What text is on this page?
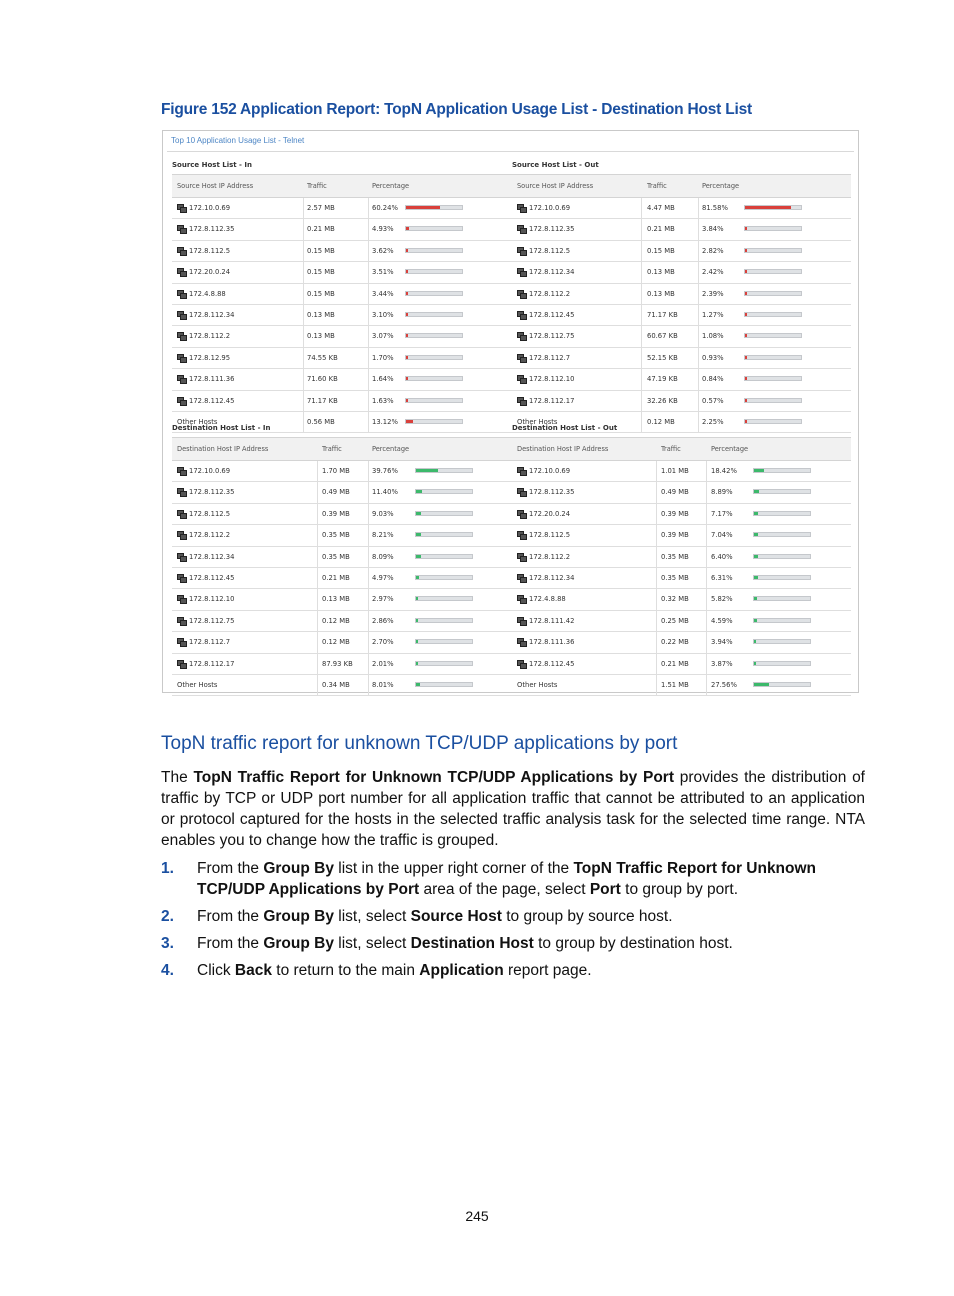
Figure 152 Application Report: TopN Application Usage List - Destination Host List
Top 10 Application Usage List - Telnet
Source Host List - In
Source Host IP Address	Traffic	Percentage
172.10.0.69	2.57 MB	60.24%
172.8.112.35	0.21 MB	4.93%
172.8.112.5	0.15 MB	3.62%
172.20.0.24	0.15 MB	3.51%
172.4.8.88	0.15 MB	3.44%
172.8.112.34	0.13 MB	3.10%
172.8.112.2	0.13 MB	3.07%
172.8.12.95	74.55 KB	1.70%
172.8.111.36	71.60 KB	1.64%
172.8.112.45	71.17 KB	1.63%
Other Hosts	0.56 MB	13.12%
Source Host List - Out
Source Host IP Address	Traffic	Percentage
172.10.0.69	4.47 MB	81.58%
172.8.112.35	0.21 MB	3.84%
172.8.112.5	0.15 MB	2.82%
172.8.112.34	0.13 MB	2.42%
172.8.112.2	0.13 MB	2.39%
172.8.112.45	71.17 KB	1.27%
172.8.112.75	60.67 KB	1.08%
172.8.112.7	52.15 KB	0.93%
172.8.112.10	47.19 KB	0.84%
172.8.112.17	32.26 KB	0.57%
Other Hosts	0.12 MB	2.25%
Destination Host List - In
Destination Host IP Address	Traffic	Percentage
172.10.0.69	1.70 MB	39.76%
172.8.112.35	0.49 MB	11.40%
172.8.112.5	0.39 MB	9.03%
172.8.112.2	0.35 MB	8.21%
172.8.112.34	0.35 MB	8.09%
172.8.112.45	0.21 MB	4.97%
172.8.112.10	0.13 MB	2.97%
172.8.112.75	0.12 MB	2.86%
172.8.112.7	0.12 MB	2.70%
172.8.112.17	87.93 KB	2.01%
Other Hosts	0.34 MB	8.01%
Destination Host List - Out
Destination Host IP Address	Traffic	Percentage
172.10.0.69	1.01 MB	18.42%
172.8.112.35	0.49 MB	8.89%
172.20.0.24	0.39 MB	7.17%
172.8.112.5	0.39 MB	7.04%
172.8.112.2	0.35 MB	6.40%
172.8.112.34	0.35 MB	6.31%
172.4.8.88	0.32 MB	5.82%
172.8.111.42	0.25 MB	4.59%
172.8.111.36	0.22 MB	3.94%
172.8.112.45	0.21 MB	3.87%
Other Hosts	1.51 MB	27.56%
TopN traffic report for unknown TCP/UDP applications by port
The TopN Traffic Report for Unknown TCP/UDP Applications by Port provides the distribution of traffic by TCP or UDP port number for all application traffic that cannot be attributed to an application or protocol captured for the hosts in the selected traffic analysis task for the selected time range. NTA enables you to change how the traffic is grouped.
1. From the Group By list in the upper right corner of the TopN Traffic Report for Unknown TCP/UDP Applications by Port area of the page, select Port to group by port.
2. From the Group By list, select Source Host to group by source host.
3. From the Group By list, select Destination Host to group by destination host.
4. Click Back to return to the main Application report page.
245
